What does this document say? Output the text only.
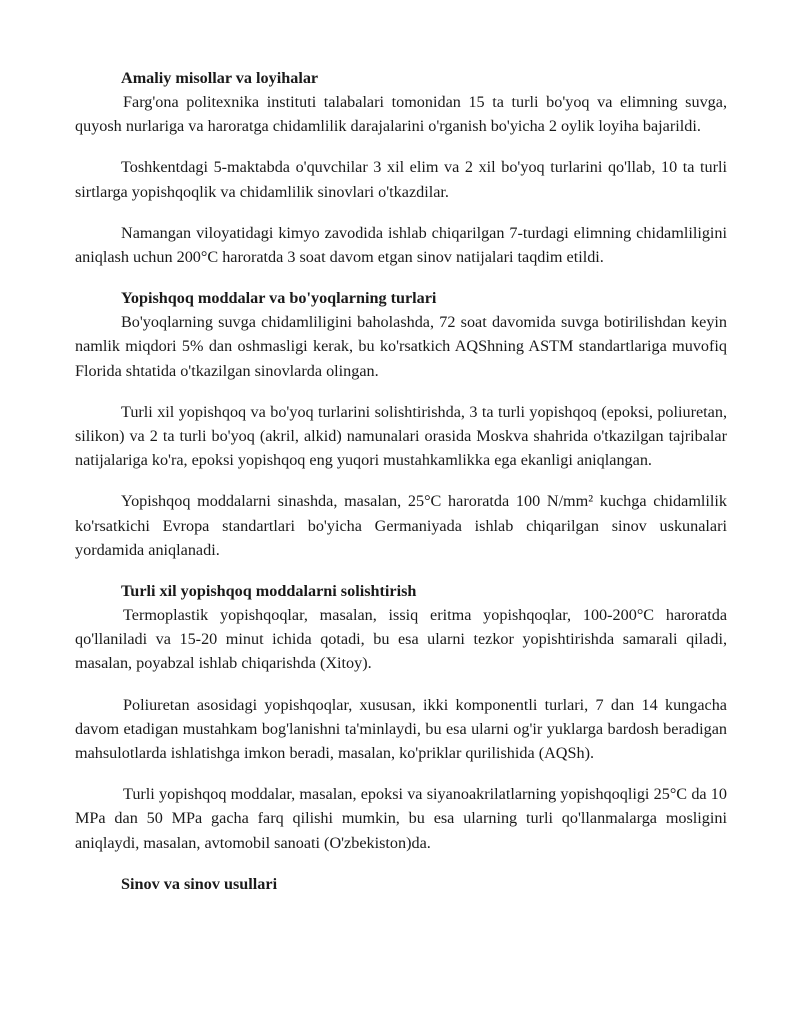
Amaliy misollar va loyihalar

Farg'ona politexnika instituti talabalari tomonidan 15 ta turli bo'yoq va elimning suvga, quyosh nurlariga va haroratga chidamlilik darajalarini o'rganish bo'yicha 2 oylik loyiha bajarildi.

Toshkentdagi 5-maktabda o'quvchilar 3 xil elim va 2 xil bo'yoq turlarini qo'llab, 10 ta turli sirtlarga yopishqoqlik va chidamlilik sinovlari o'tkazdilar.

Namangan viloyatidagi kimyo zavodida ishlab chiqarilgan 7-turdagi elimning chidamliligini aniqlash uchun 200°C haroratda 3 soat davom etgan sinov natijalari taqdim etildi.

Yopishqoq moddalar va bo'yoqlarning turlari

Bo'yoqlarning suvga chidamliligini baholashda, 72 soat davomida suvga botirilishdan keyin namlik miqdori 5% dan oshmasligi kerak, bu ko'rsatkich AQShning ASTM standartlariga muvofiq Florida shtatida o'tkazilgan sinovlarda olingan.

Turli xil yopishqoq va bo'yoq turlarini solishtirishda, 3 ta turli yopishqoq (epoksi, poliuretan, silikon) va 2 ta turli bo'yoq (akril, alkid) namunalari orasida Moskva shahrida o'tkazilgan tajribalar natijalariga ko'ra, epoksi yopishqoq eng yuqori mustahkamlikka ega ekanligi aniqlangan.

Yopishqoq moddalarni sinashda, masalan, 25°C haroratda 100 N/mm² kuchga chidamlilik ko'rsatkichi Evropa standartlari bo'yicha Germaniyada ishlab chiqarilgan sinov uskunalari yordamida aniqlanadi.

Turli xil yopishqoq moddalarni solishtirish

Termoplastik yopishqoqlar, masalan, issiq eritma yopishqoqlar, 100-200°C haroratda qo'llaniladi va 15-20 minut ichida qotadi, bu esa ularni tezkor yopishtirishda samarali qiladi, masalan, poyabzal ishlab chiqarishda (Xitoy).

Poliuretan asosidagi yopishqoqlar, xususan, ikki komponentli turlari, 7 dan 14 kungacha davom etadigan mustahkam bog'lanishni ta'minlaydi, bu esa ularni og'ir yuklarga bardosh beradigan mahsulotlarda ishlatishga imkon beradi, masalan, ko'priklar qurilishida (AQSh).

Turli yopishqoq moddalar, masalan, epoksi va siyanoakrilatlarning yopishqoqligi 25°C da 10 MPa dan 50 MPa gacha farq qilishi mumkin, bu esa ularning turli qo'llanmalarga mosligini aniqlaydi, masalan, avtomobil sanoati (O'zbekiston)da.

Sinov va sinov usullari
